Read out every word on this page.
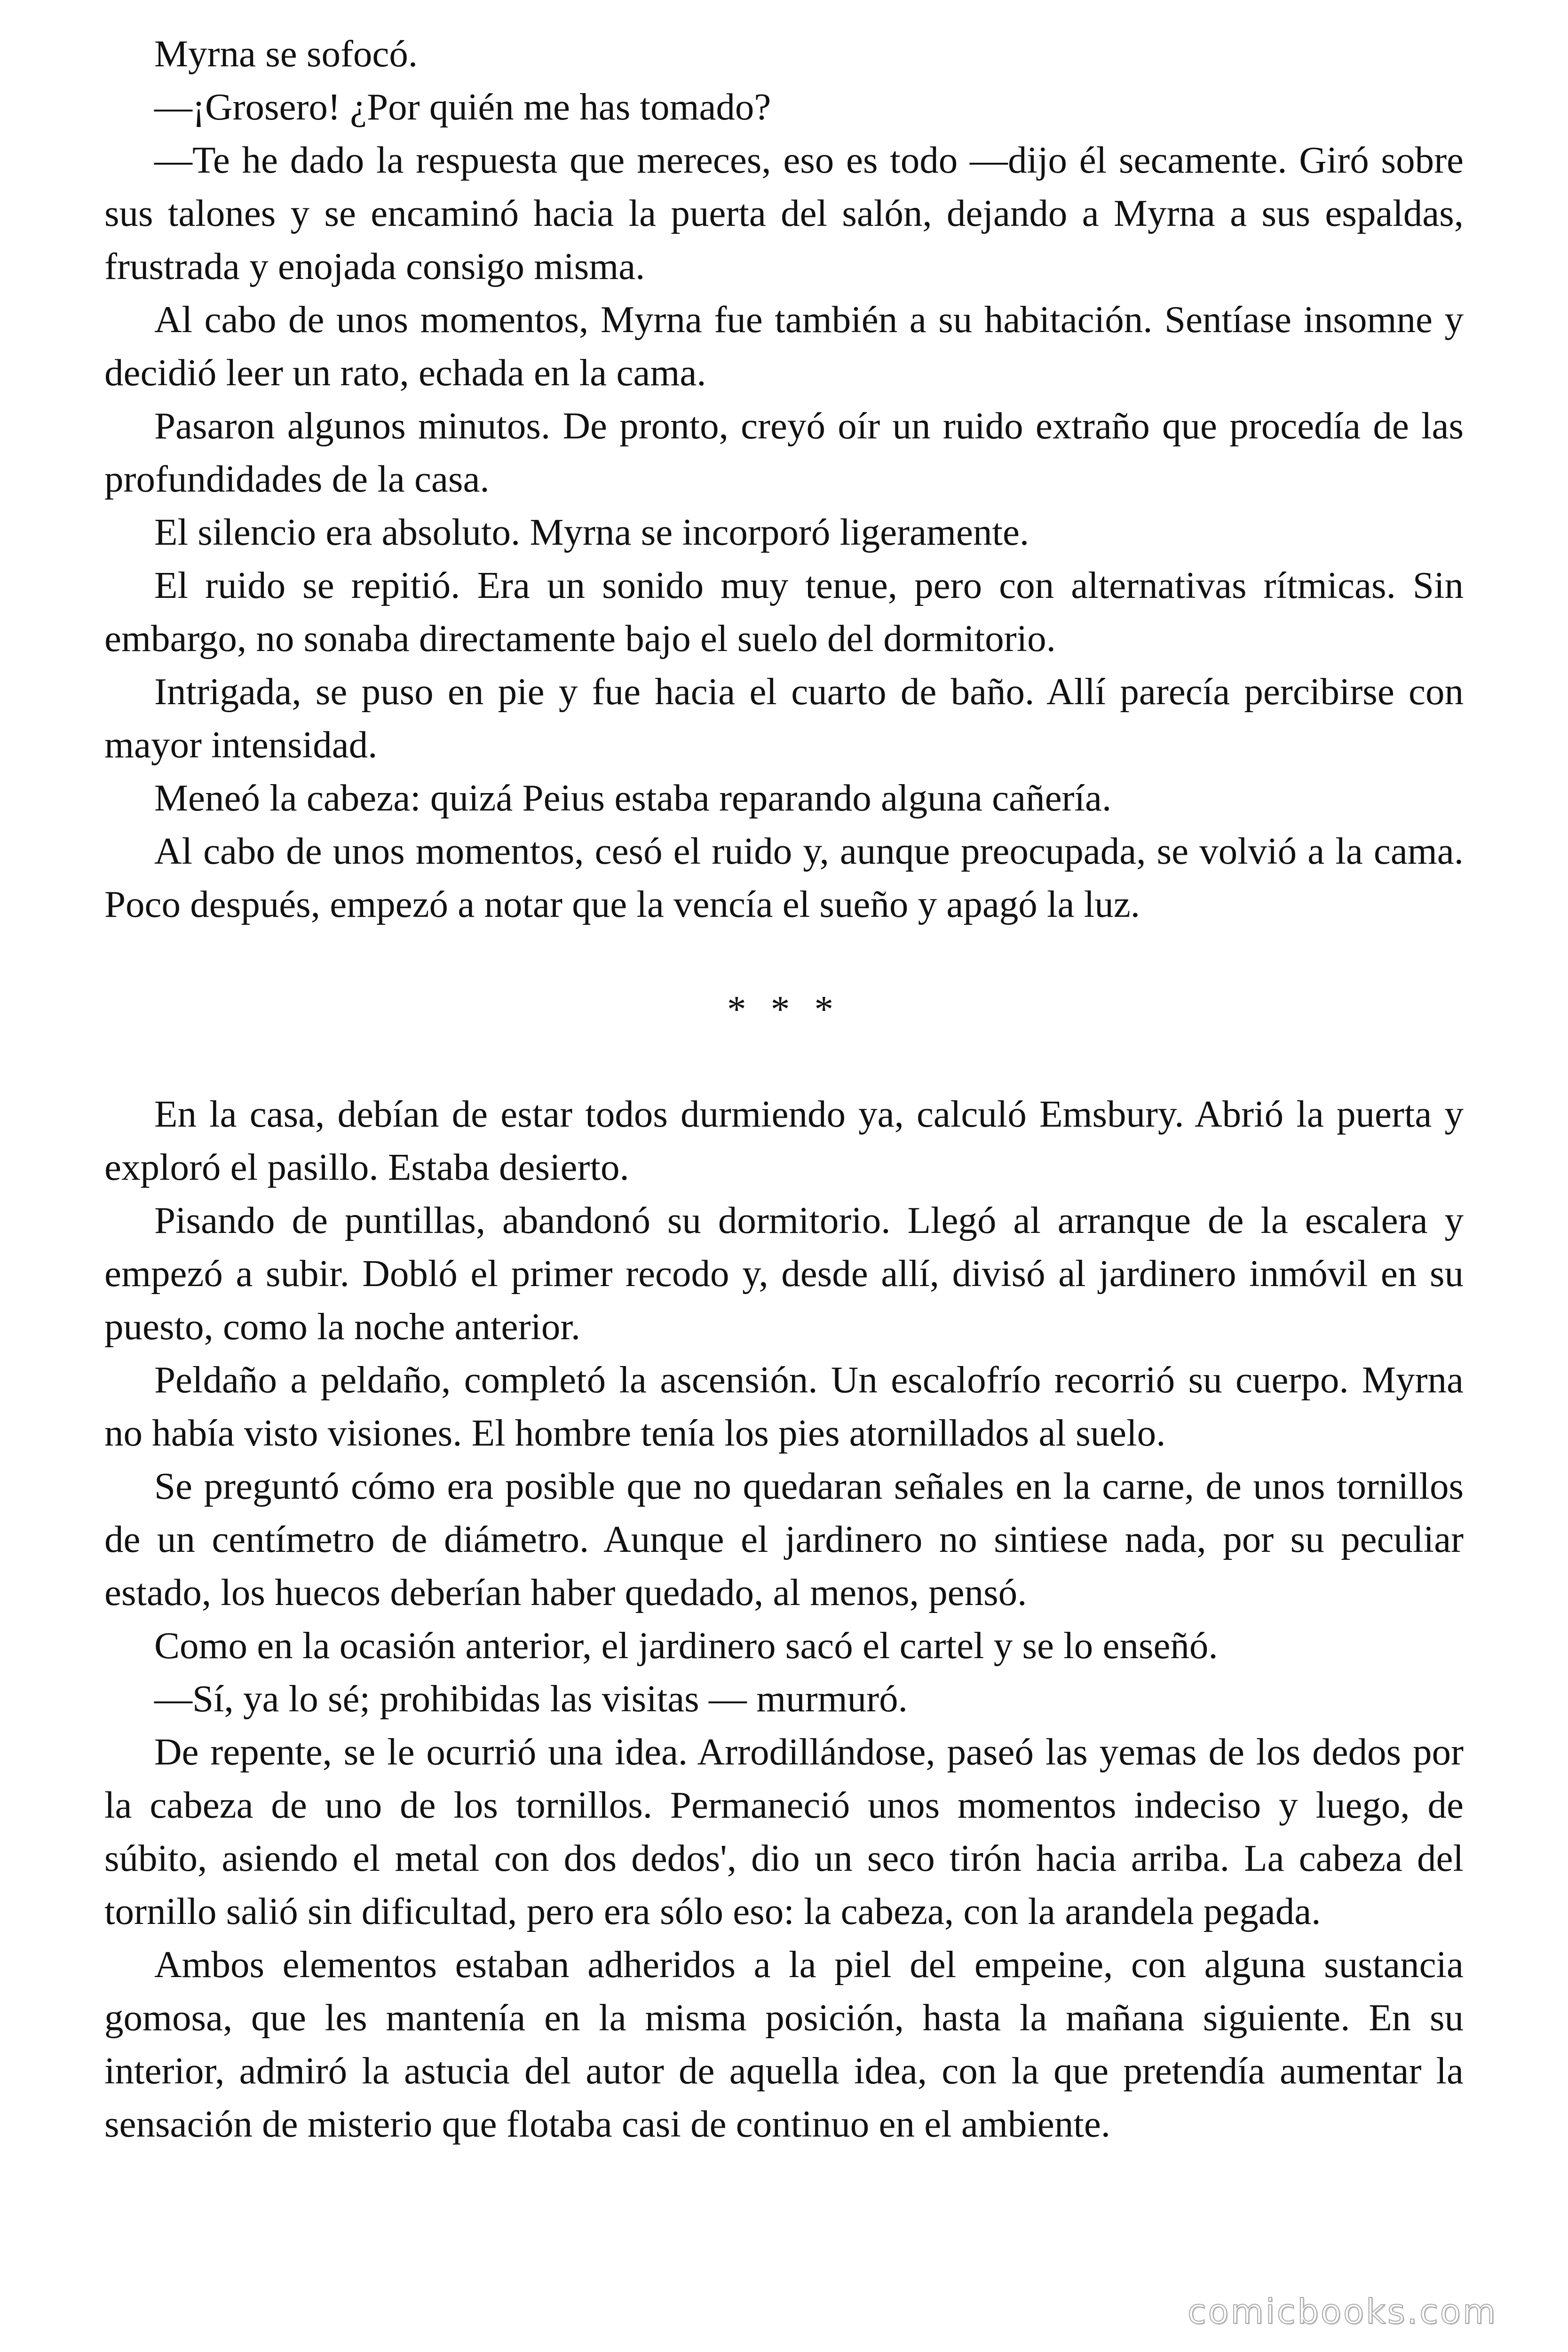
Myrna se sofocó.

—¡Grosero! ¿Por quién me has tomado?

—Te he dado la respuesta que mereces, eso es todo —dijo él secamente. Giró sobre sus talones y se encaminó hacia la puerta del salón, dejando a Myrna a sus espaldas, frustrada y enojada consigo misma.

Al cabo de unos momentos, Myrna fue también a su habitación. Sentíase insomne y decidió leer un rato, echada en la cama.

Pasaron algunos minutos. De pronto, creyó oír un ruido extraño que procedía de las profundidades de la casa.

El silencio era absoluto. Myrna se incorporó ligeramente.

El ruido se repitió. Era un sonido muy tenue, pero con alternativas rítmicas. Sin embargo, no sonaba directamente bajo el suelo del dormitorio.

Intrigada, se puso en pie y fue hacia el cuarto de baño. Allí parecía percibirse con mayor intensidad.

Meneó la cabeza: quizá Peius estaba reparando alguna cañería.

Al cabo de unos momentos, cesó el ruido y, aunque preocupada, se volvió a la cama. Poco después, empezó a notar que la vencía el sueño y apagó la luz.

* * *

En la casa, debían de estar todos durmiendo ya, calculó Emsbury. Abrió la puerta y exploró el pasillo. Estaba desierto.

Pisando de puntillas, abandonó su dormitorio. Llegó al arranque de la escalera y empezó a subir. Dobló el primer recodo y, desde allí, divisó al jardinero inmóvil en su puesto, como la noche anterior.

Peldaño a peldaño, completó la ascensión. Un escalofrío recorrió su cuerpo. Myrna no había visto visiones. El hombre tenía los pies atornillados al suelo.

Se preguntó cómo era posible que no quedaran señales en la carne, de unos tornillos de un centímetro de diámetro. Aunque el jardinero no sintiese nada, por su peculiar estado, los huecos deberían haber quedado, al menos, pensó.

Como en la ocasión anterior, el jardinero sacó el cartel y se lo enseñó.

—Sí, ya lo sé; prohibidas las visitas — murmuró.

De repente, se le ocurrió una idea. Arrodillándose, paseó las yemas de los dedos por la cabeza de uno de los tornillos. Permaneció unos momentos indeciso y luego, de súbito, asiendo el metal con dos dedos', dio un seco tirón hacia arriba. La cabeza del tornillo salió sin dificultad, pero era sólo eso: la cabeza, con la arandela pegada.

Ambos elementos estaban adheridos a la piel del empeine, con alguna sustancia gomosa, que les mantenía en la misma posición, hasta la mañana siguiente. En su interior, admiró la astucia del autor de aquella idea, con la que pretendía aumentar la sensación de misterio que flotaba casi de continuo en el ambiente.

comicbooks.com
